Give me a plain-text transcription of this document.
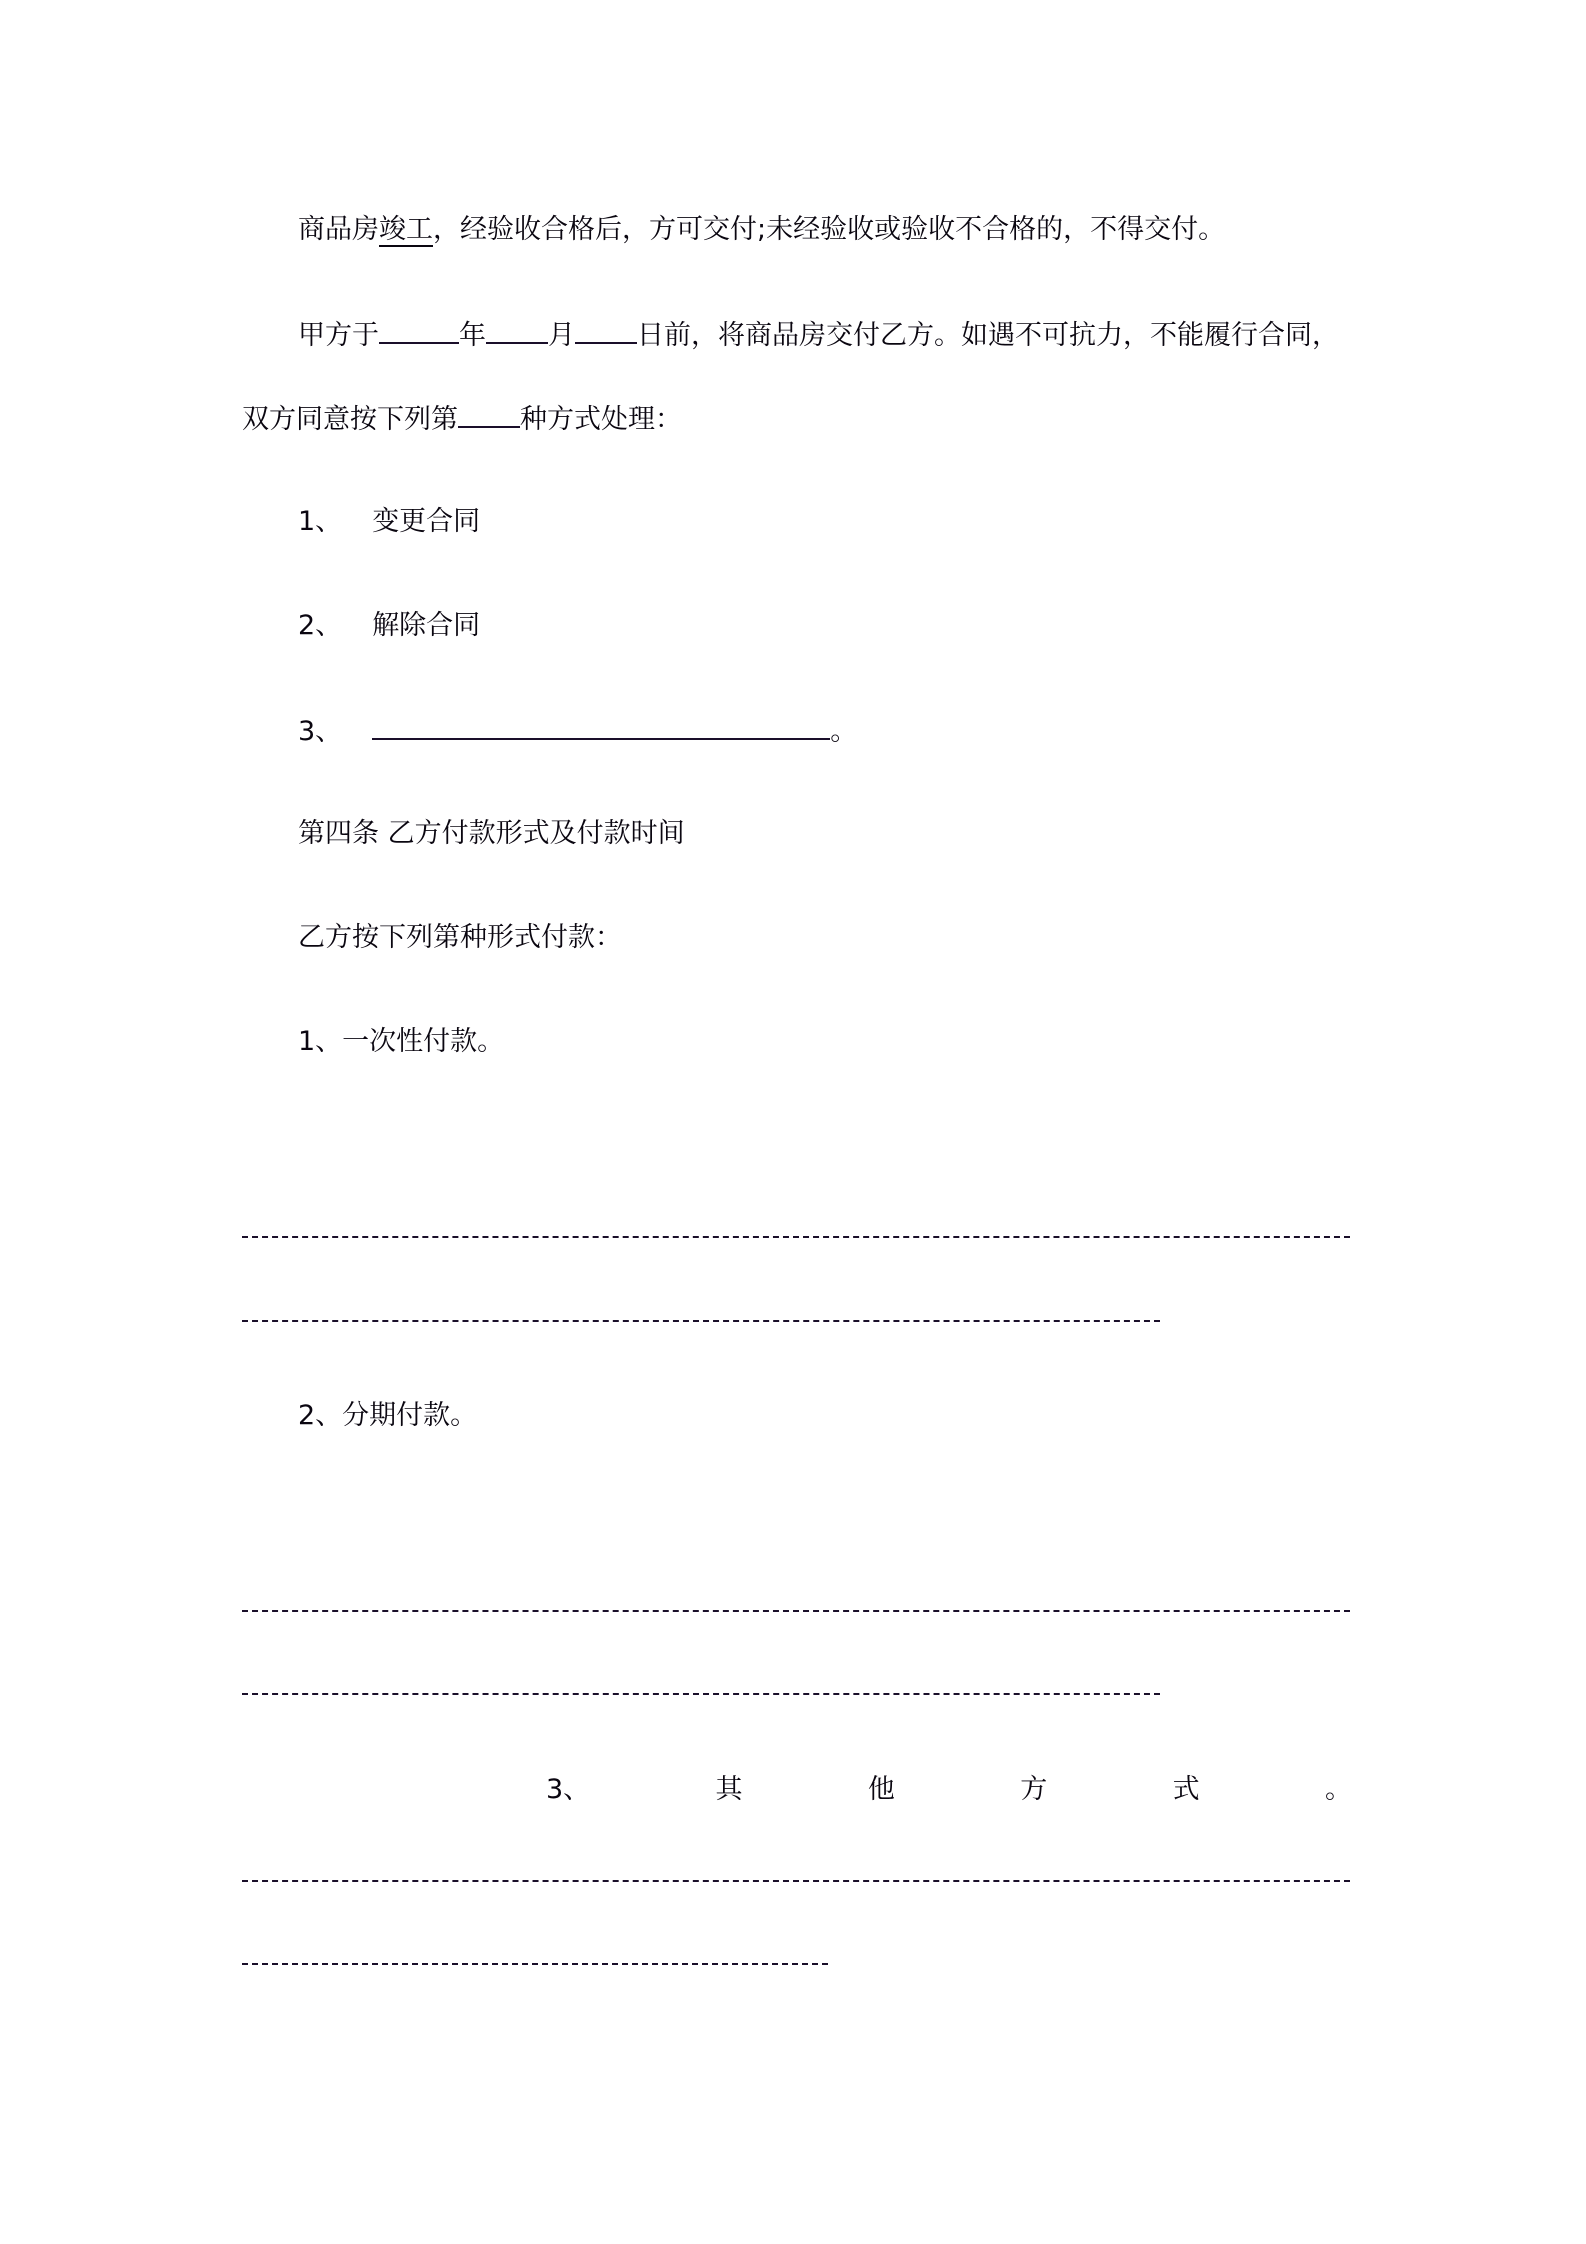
商品房竣工，经验收合格后，方可交付;未经验收或验收不合格的，不得交付。
甲方于	年 月 日前，将商品房交付乙方。如遇不可抗力，不能履行合同，
双方同意按下列第 种方式处理：
1、 变更合同
2、 解除合同
3、	。
第四条 乙方付款形式及付款时间
乙方按下列第种形式付款：
1、一次性付款。
2、分期付款。
3、	其	他	方	式	。
